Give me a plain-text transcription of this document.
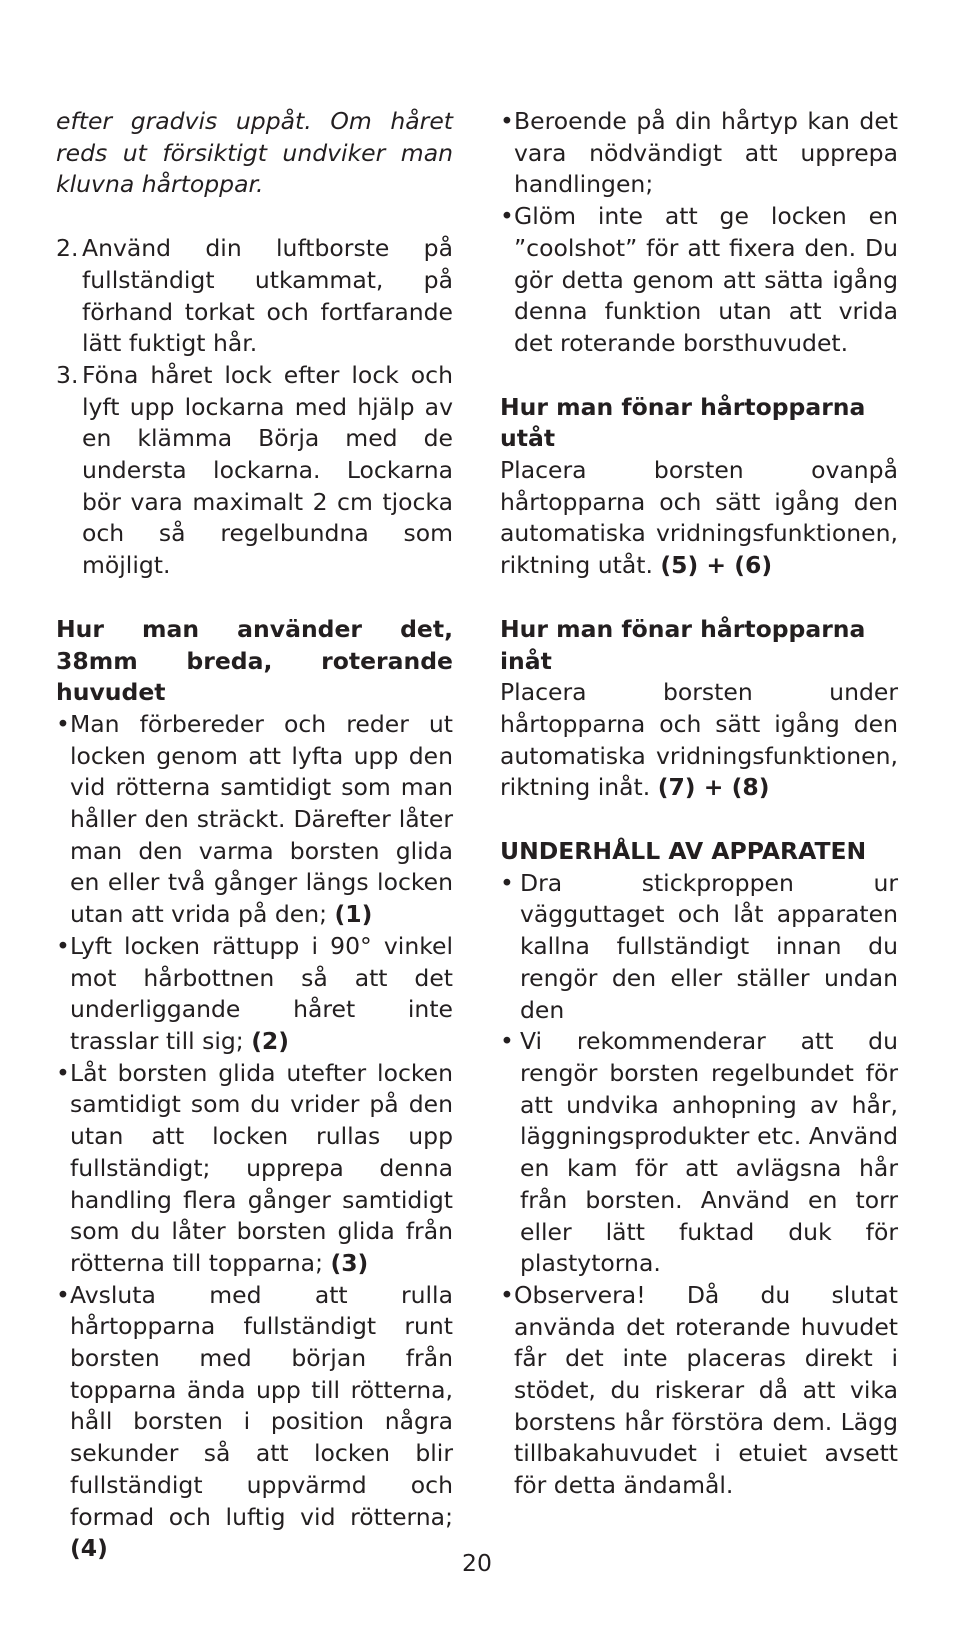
efter gradvis uppåt. Om håret reds ut försiktigt undviker man kluvna hårtoppar.

2. Använd din luftborste på fullständigt utkammat, på förhand torkat och fortfarande lätt fuktigt hår.
3. Föna håret lock efter lock och lyft upp lockarna med hjälp av en klämma Börja med de understa lockarna. Lockarna bör vara maximalt 2 cm tjocka och så regelbundna som möjligt.

Hur man använder det, 38mm breda, roterande huvudet

• Man förbereder och reder ut locken genom att lyfta upp den vid rötterna samtidigt som man håller den sträckt. Därefter låter man den varma borsten glida en eller två gånger längs locken utan att vrida på den; (1)
• Lyft locken rättupp i 90° vinkel mot hårbottnen så att det underliggande håret inte trasslar till sig; (2)
• Låt borsten glida utefter locken samtidigt som du vrider på den utan att locken rullas upp fullständigt; upprepa denna handling flera gånger samtidigt som du låter borsten glida från rötterna till topparna; (3)
• Avsluta med att rulla hårtopparna fullständigt runt borsten med början från topparna ända upp till rötterna, håll borsten i position några sekunder så att locken blir fullständigt uppvärmd och formad och luftig vid rötterna; (4)
• Beroende på din hårtyp kan det vara nödvändigt att upprepa handlingen;
• Glöm inte att ge locken en ”coolshot” för att fixera den. Du gör detta genom att sätta igång denna funktion utan att vrida det roterande borsthuvudet.

Hur man fönar hårtopparna utåt

Placera borsten ovanpå hårtopparna och sätt igång den automatiska vridningsfunktionen, riktning utåt. (5) + (6)

Hur man fönar hårtopparna inåt

Placera borsten under hårtopparna och sätt igång den automatiska vridningsfunktionen, riktning inåt. (7) + (8)

UNDERHÅLL AV APPARATEN

• Dra stickproppen ur vägguttaget och låt apparaten kallna fullständigt innan du rengör den eller ställer undan den
• Vi rekommenderar att du rengör borsten regelbundet för att undvika anhopning av hår, läggningsprodukter etc. Använd en kam för att avlägsna hår från borsten. Använd en torr eller lätt fuktad duk för plastytorna.
• Observera! Då du slutat använda det roterande huvudet får det inte placeras direkt i stödet, du riskerar då att vika borstens hår förstöra dem. Lägg tillbakahuvudet i etuiet avsett för detta ändamål.
20
